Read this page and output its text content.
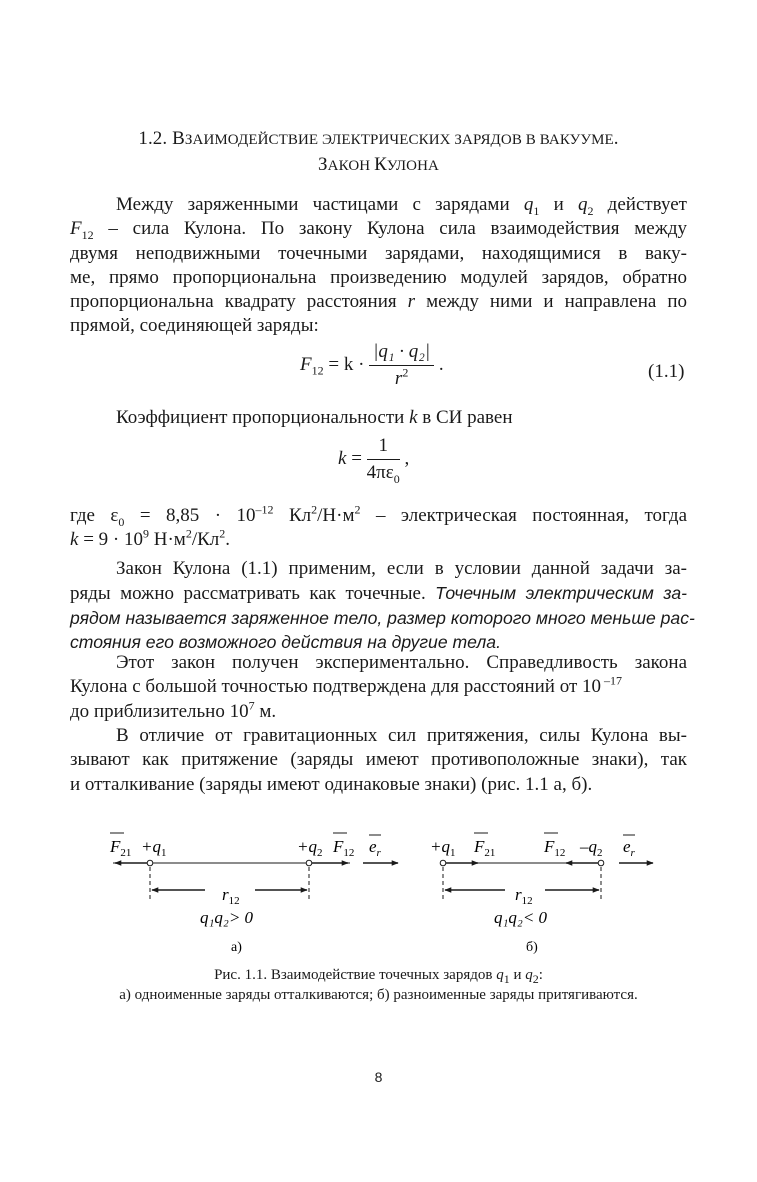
1.2. ВЗАИМОДЕЙСТВИЕ ЭЛЕКТРИЧЕСКИХ ЗАРЯДОВ В ВАКУУМЕ.
ЗАКОН КУЛОНА
Между заряженными частицами с зарядами $q_1$ и $q_2$ действует
$F_{12}$ – сила Кулона. По закону Кулона сила взаимодействия между
двумя неподвижными точечными зарядами, находящимися в ваку-
ме, прямо пропорциональна произведению модулей зарядов, обратно
пропорциональна квадрату расстояния r между ними и направлена по
прямой, соединяющей заряды:
$F_{12} = k \cdot \frac{\text{|q₁ · q₂|}}{r^2}$ .	(1.1)
Коэффициент пропорциональности k в СИ равен
$k = \frac{1}{4\pi\varepsilon_0}$ ,
где $\varepsilon_0 = 8,85 \cdot 10^{-12}$ $Кл^2/Н\cdot м^2$ – электрическая постоянная, тогда
$k = 9 \cdot 10^9$ $Н\cdot м^2/Кл^2$.
Закон Кулона (1.1) применим, если в условии данной задачи за-
ряды можно рассматривать как точечные. Точечным электрическим за-
рядом называется заряженное тело, размер которого много меньше рас-
стояния его возможного действия на другие тела.
Этот закон получен экспериментально. Справедливость закона
Кулона с большой точностью подтверждена для расстояний от 10 $^{-17}$
до приблизительно $10^7$ м.
В отличие от гравитационных сил притяжения, силы Кулона вы-
зывают как притяжение (заряды имеют противоположные знаки), так
и отталкивание (заряды имеют одинаковые знаки) (рис. 1.1 а, б).
$F_{21} +q_1$	$+q_2$ $F_{12}$ $e_r$
$r_{12}$
q₁q₂> 0
а)
$+q_1$ $F_{21}$	$F_{12}$ $-q_2$ $e_r$
$r_{12}$
q₁q₂< 0
б)
Рис. 1.1. Взаимодействие точечных зарядов $q_1$ и $q_2$:
а) одноименные заряды отталкиваются; б) разноименные заряды притягиваются.
8
